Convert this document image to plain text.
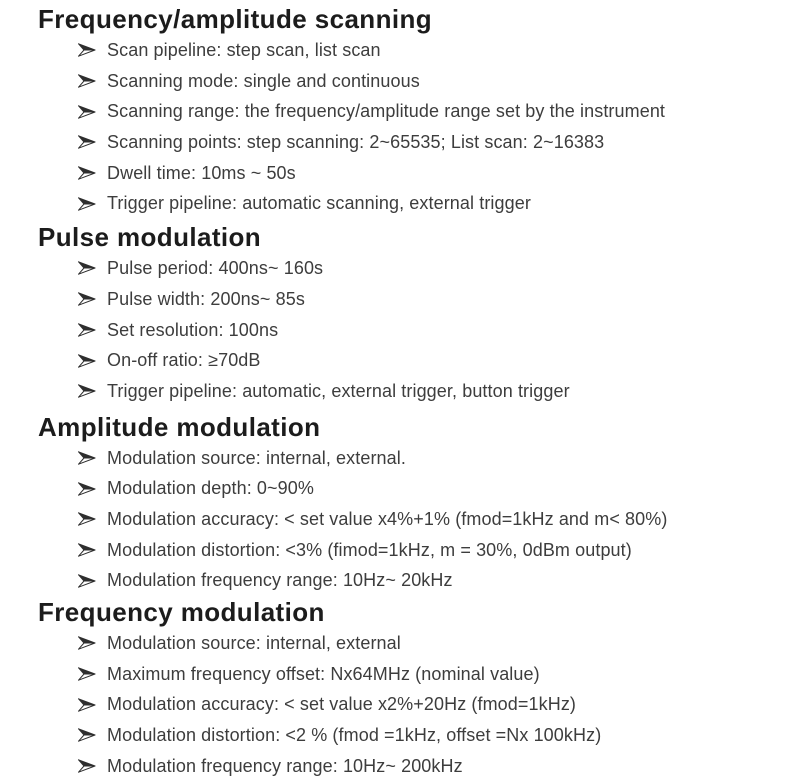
Frequency/amplitude scanning
Scan pipeline: step scan, list scan
Scanning mode: single and continuous
Scanning range: the frequency/amplitude range set by the instrument
Scanning points: step scanning: 2~65535; List scan: 2~16383
Dwell time: 10ms ~ 50s
Trigger pipeline: automatic scanning, external trigger
Pulse modulation
Pulse period: 400ns~ 160s
Pulse width: 200ns~ 85s
Set resolution: 100ns
On-off ratio: ≥70dB
Trigger pipeline: automatic, external trigger, button trigger
Amplitude modulation
Modulation source: internal, external.
Modulation depth: 0~90%
Modulation accuracy: < set value x4%+1% (fmod=1kHz and m< 80%)
Modulation distortion: <3% (fimod=1kHz, m = 30%, 0dBm output)
Modulation frequency range: 10Hz~ 20kHz
Frequency modulation
Modulation source: internal, external
Maximum frequency offset: Nx64MHz (nominal value)
Modulation accuracy: < set value x2%+20Hz (fmod=1kHz)
Modulation distortion: <2 % (fmod =1kHz, offset =Nx 100kHz)
Modulation frequency range: 10Hz~ 200kHz
